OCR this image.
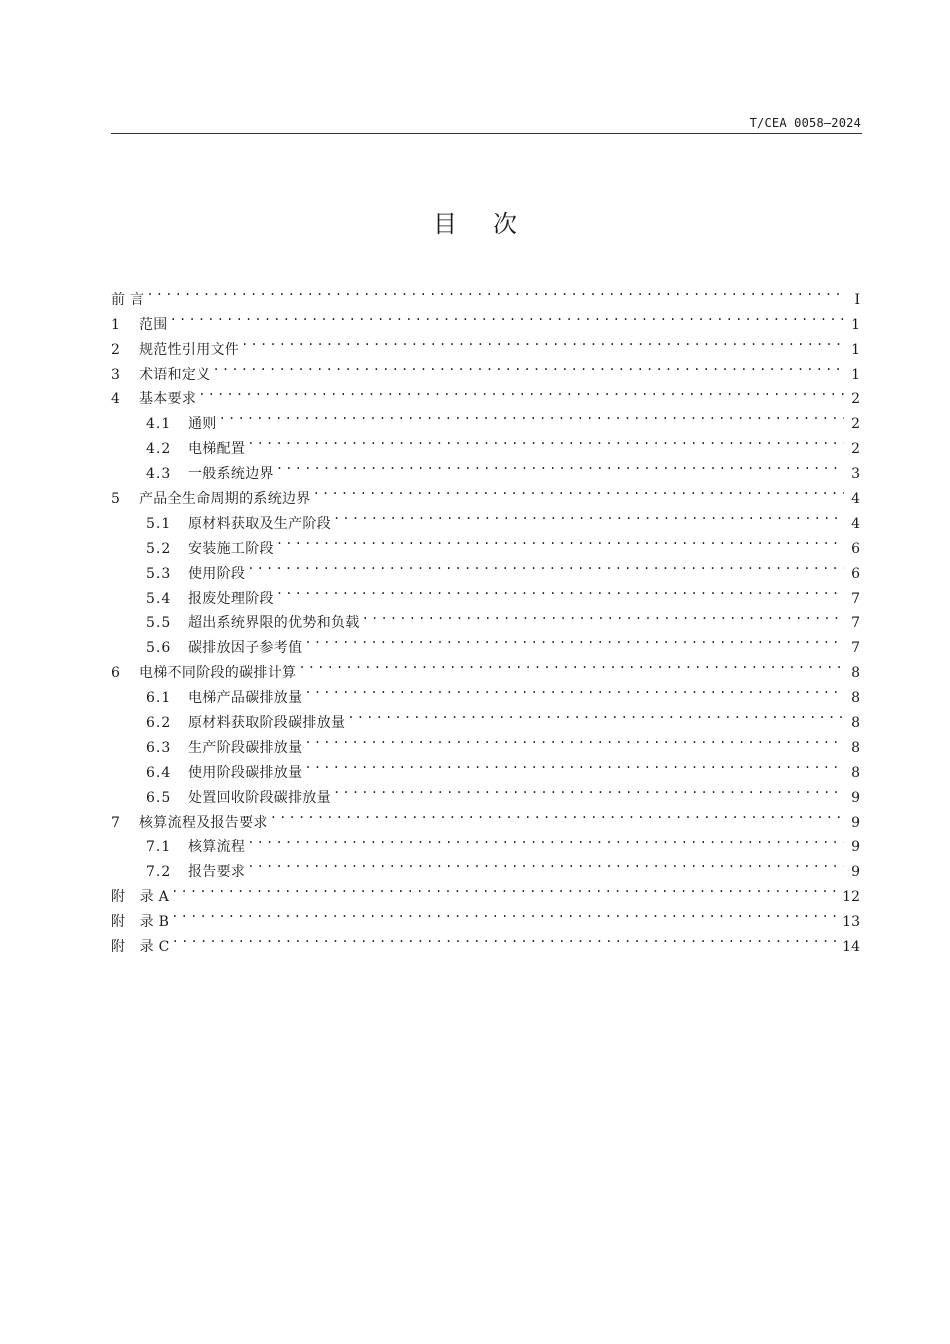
T/CEA 0058—2024
目次
前 言 .....	I
1	范围 .....	1
2	规范性引用文件 .....	1
3	术语和定义 .....	1
4	基本要求 .....	2
4.1	通则 .....	2
4.2	电梯配置 .....	2
4.3	一般系统边界 .....	3
5	产品全生命周期的系统边界 .....	4
5.1	原材料获取及生产阶段 .....	4
5.2	安装施工阶段 .....	6
5.3	使用阶段 .....	6
5.4	报废处理阶段 .....	7
5.5	超出系统界限的优势和负载 .....	7
5.6	碳排放因子参考值 .....	7
6	电梯不同阶段的碳排计算 .....	8
6.1	电梯产品碳排放量 .....	8
6.2	原材料获取阶段碳排放量 .....	8
6.3	生产阶段碳排放量 .....	8
6.4	使用阶段碳排放量 .....	8
6.5	处置回收阶段碳排放量 .....	9
7	核算流程及报告要求 .....	9
7.1	核算流程 .....	9
7.2	报告要求 .....	9
附　录 A .....	12
附　录 B .....	13
附　录 C .....	14
